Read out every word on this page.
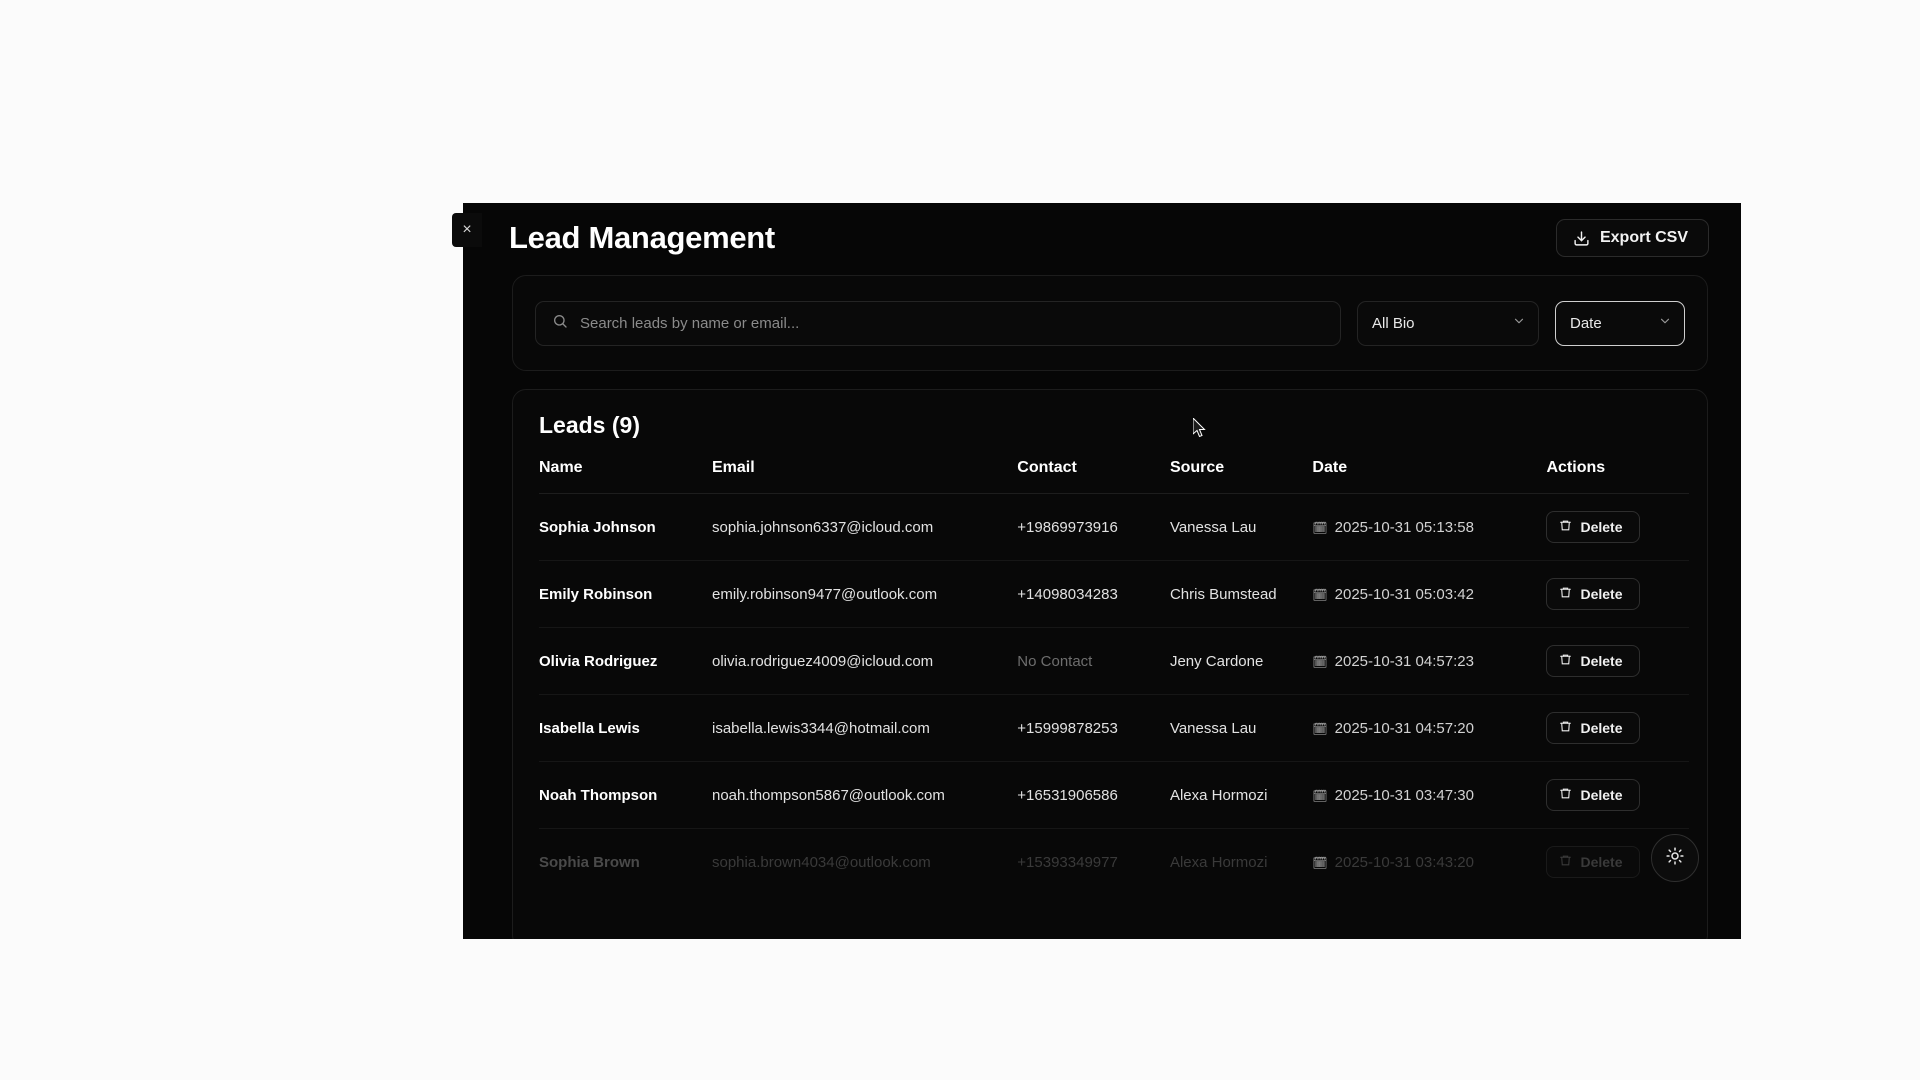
×	Lead Management	Export CSV
Search leads by name or email...	All Bio	Date
Leads (9)
Name	Email	Contact	Source	Date	Actions
Sophia Johnson	sophia.johnson6337@icloud.com	+19869973916	Vanessa Lau	🗓 2025-10-31 05:13:58	Delete

Emily Robinson	emily.robinson9477@outlook.com	+14098034283	Chris Bumstead	🗓 2025-10-31 05:03:42	Delete

Olivia Rodriguez	olivia.rodriguez4009@icloud.com	No Contact	Jeny Cardone	🗓 2025-10-31 04:57:23	Delete

Isabella Lewis	isabella.lewis3344@hotmail.com	+15999878253	Vanessa Lau	🗓 2025-10-31 04:57:20	Delete

Noah Thompson	noah.thompson5867@outlook.com	+16531906586	Alexa Hormozi	🗓 2025-10-31 03:47:30	Delete

Sophia Brown	sophia.brown4034@outlook.com	+15393349977	Alexa Hormozi	🗓 2025-10-31 03:43:20	Delete
